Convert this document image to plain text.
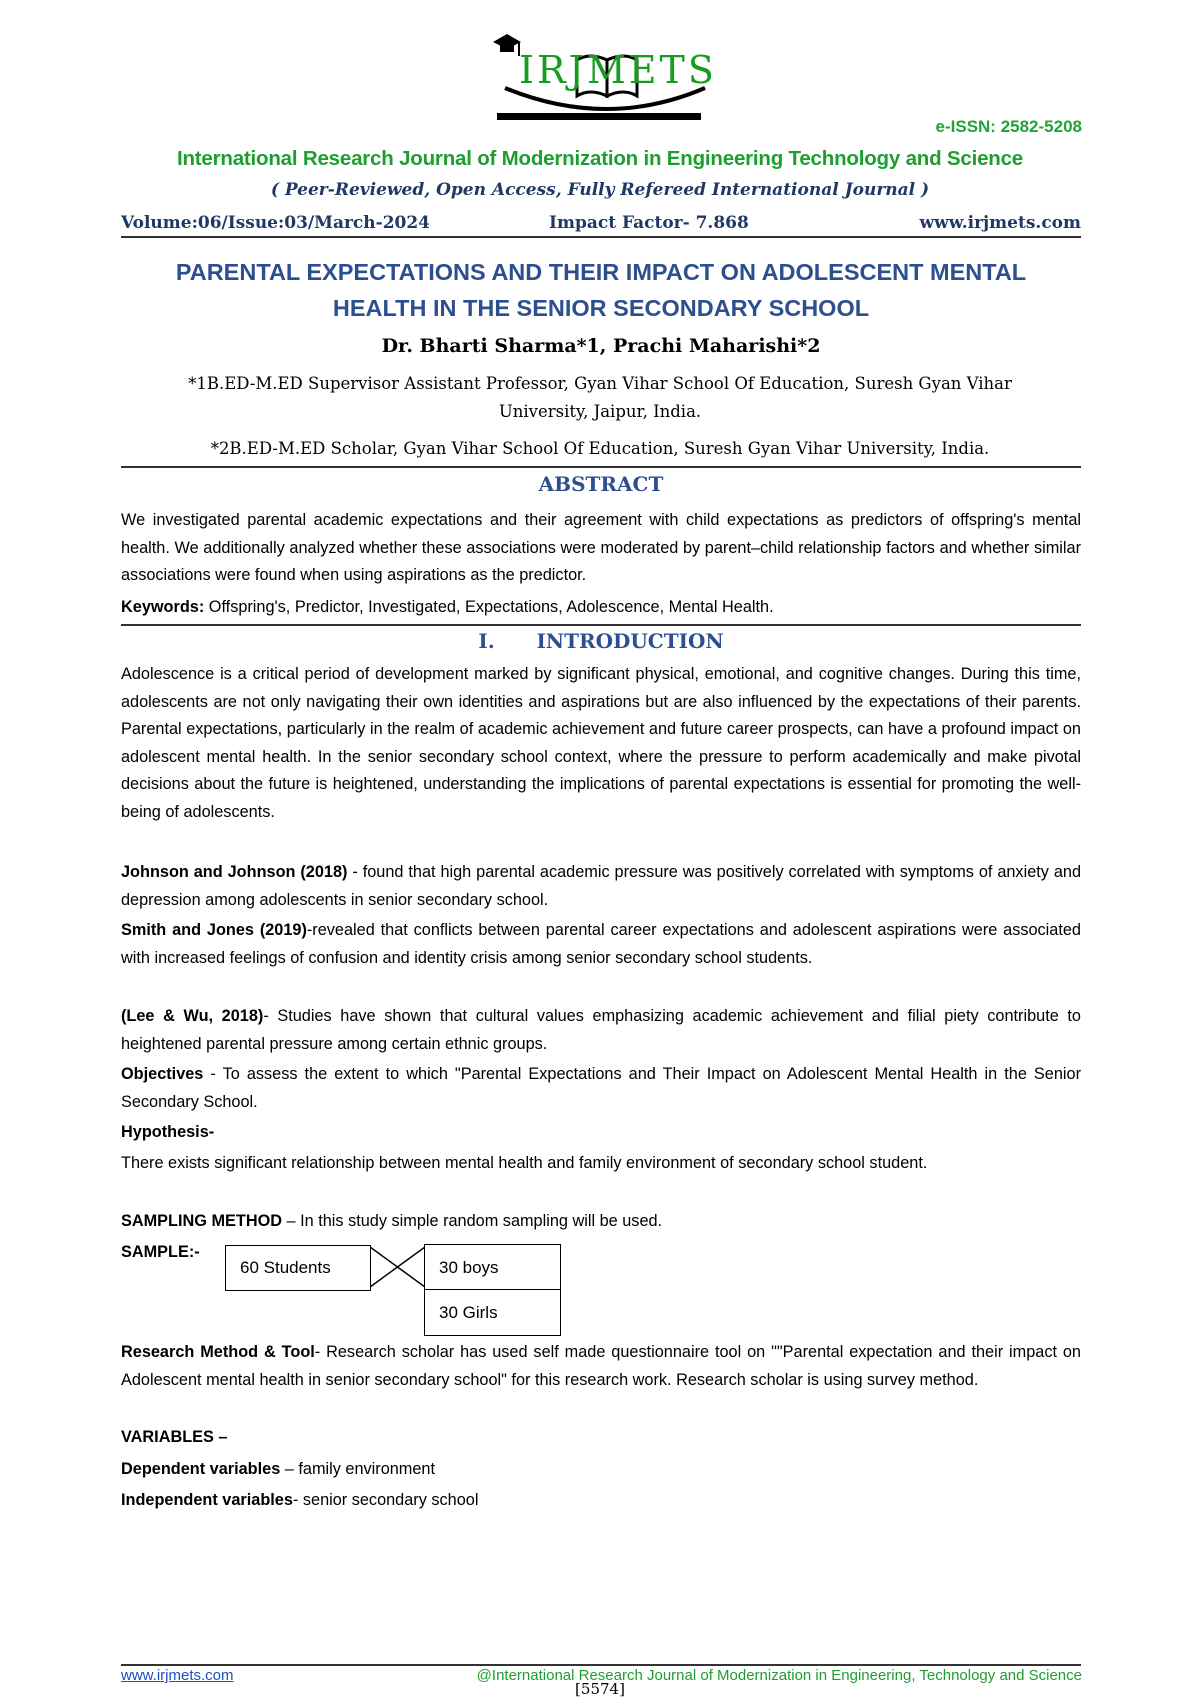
IRJMETS
e-ISSN: 2582-5208
International Research Journal of Modernization in Engineering Technology and Science
( Peer-Reviewed, Open Access, Fully Refereed International Journal )
Volume:06/Issue:03/March-2024	Impact Factor- 7.868	www.irjmets.com
PARENTAL EXPECTATIONS AND THEIR IMPACT ON ADOLESCENT MENTAL
HEALTH IN THE SENIOR SECONDARY SCHOOL
Dr. Bharti Sharma*1, Prachi Maharishi*2
*1B.ED-M.ED Supervisor Assistant Professor, Gyan Vihar School Of Education, Suresh Gyan Vihar
University, Jaipur, India.
*2B.ED-M.ED Scholar, Gyan Vihar School Of Education, Suresh Gyan Vihar University, India.
ABSTRACT
We investigated parental academic expectations and their agreement with child expectations as predictors of offspring's mental health. We additionally analyzed whether these associations were moderated by parent–child relationship factors and whether similar associations were found when using aspirations as the predictor.
Keywords: Offspring's, Predictor, Investigated, Expectations, Adolescence, Mental Health.
I.      INTRODUCTION
Adolescence is a critical period of development marked by significant physical, emotional, and cognitive changes. During this time, adolescents are not only navigating their own identities and aspirations but are also influenced by the expectations of their parents. Parental expectations, particularly in the realm of academic achievement and future career prospects, can have a profound impact on adolescent mental health. In the senior secondary school context, where the pressure to perform academically and make pivotal decisions about the future is heightened, understanding the implications of parental expectations is essential for promoting the well-being of adolescents.
Johnson and Johnson (2018) - found that high parental academic pressure was positively correlated with symptoms of anxiety and depression among adolescents in senior secondary school.
Smith and Jones (2019)-revealed that conflicts between parental career expectations and adolescent aspirations were associated with increased feelings of confusion and identity crisis among senior secondary school students.
(Lee & Wu, 2018)- Studies have shown that cultural values emphasizing academic achievement and filial piety contribute to heightened parental pressure among certain ethnic groups.
Objectives - To assess the extent to which "Parental Expectations and Their Impact on Adolescent Mental Health in the Senior Secondary School.
Hypothesis-
There exists significant relationship between mental health and family environment of secondary school student.
SAMPLING METHOD – In this study simple random sampling will be used.
SAMPLE:-
60 Students	30 boys
30 Girls
Research Method & Tool- Research scholar has used self made questionnaire tool on ""Parental expectation and their impact on Adolescent mental health in senior secondary school" for this research work. Research scholar is using survey method.
VARIABLES –
Dependent variables – family environment
Independent variables- senior secondary school
www.irjmets.com	@International Research Journal of Modernization in Engineering, Technology and Science
[5574]
